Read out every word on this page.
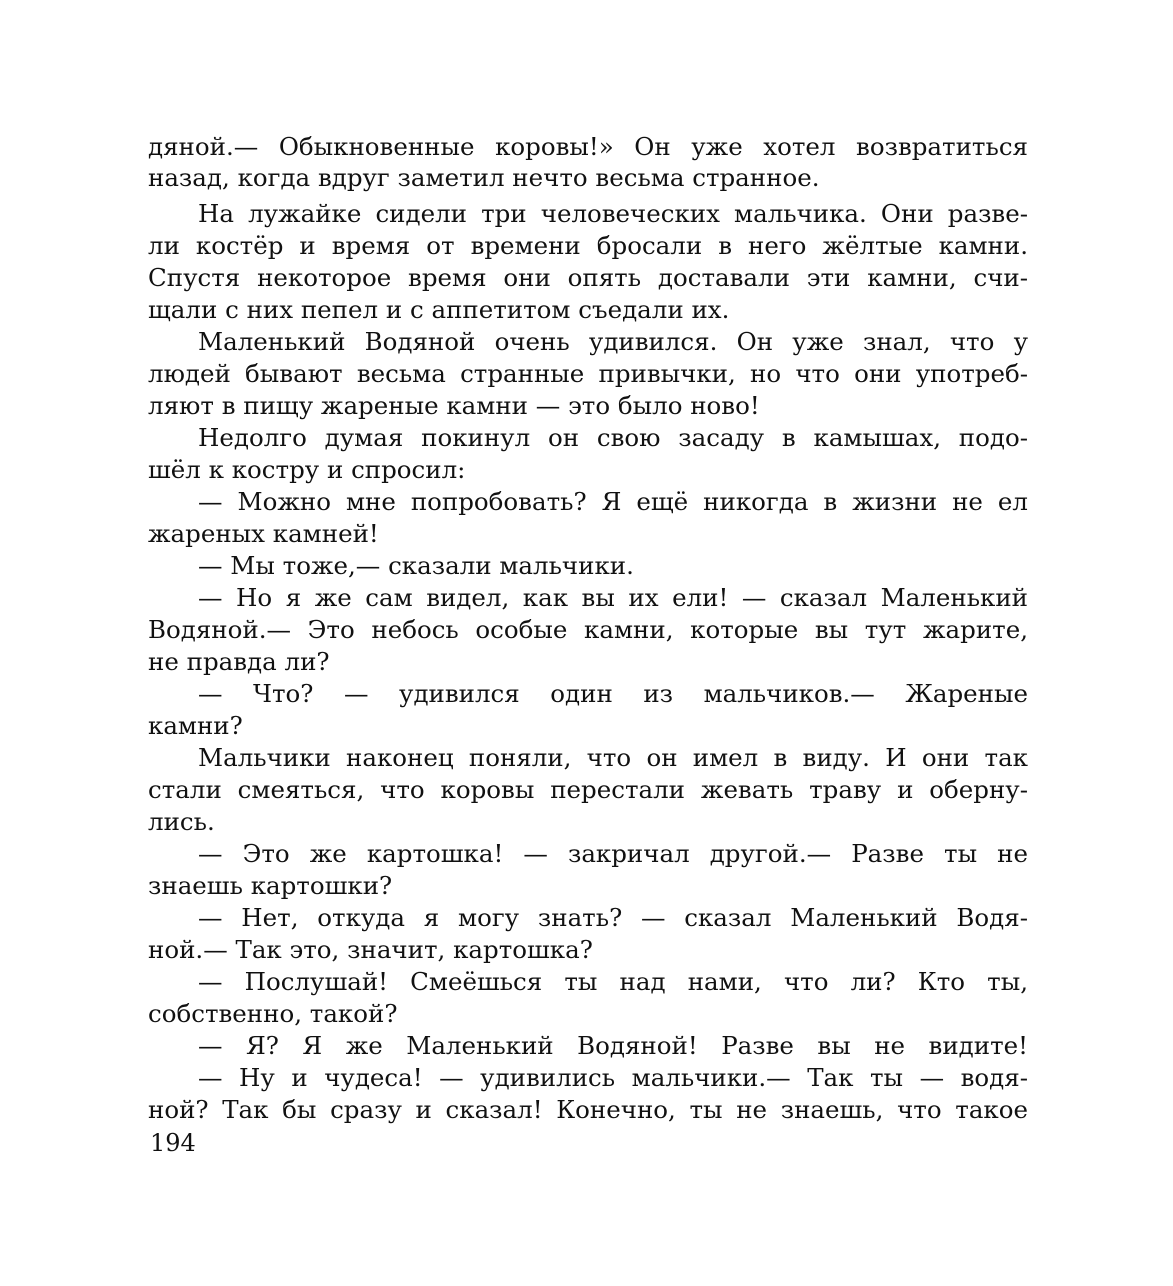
дяной.— Обыкновенные коровы!» Он уже хотел возвратиться
назад, когда вдруг заметил нечто весьма странное.
На лужайке сидели три человеческих мальчика. Они разве-
ли костёр и время от времени бросали в него жёлтые камни.
Спустя некоторое время они опять доставали эти камни, счи-
щали с них пепел и с аппетитом съедали их.
Маленький Водяной очень удивился. Он уже знал, что у
людей бывают весьма странные привычки, но что они употреб-
ляют в пищу жареные камни — это было ново!
Недолго думая покинул он свою засаду в камышах, подо-
шёл к костру и спросил:
— Можно мне попробовать? Я ещё никогда в жизни не ел
жареных камней!
— Мы тоже,— сказали мальчики.
— Но я же сам видел, как вы их ели! — сказал Маленький
Водяной.— Это небось особые камни, которые вы тут жарите,
не правда ли?
— Что? — удивился один из мальчиков.— Жареные
камни?
Мальчики наконец поняли, что он имел в виду. И они так
стали смеяться, что коровы перестали жевать траву и оберну-
лись.
— Это же картошка! — закричал другой.— Разве ты не
знаешь картошки?
— Нет, откуда я могу знать? — сказал Маленький Водя-
ной.— Так это, значит, картошка?
— Послушай! Смеёшься ты над нами, что ли? Кто ты,
собственно, такой?
— Я? Я же Маленький Водяной! Разве вы не видите!
— Ну и чудеса! — удивились мальчики.— Так ты — водя-
ной? Так бы сразу и сказал! Конечно, ты не знаешь, что такое
194
